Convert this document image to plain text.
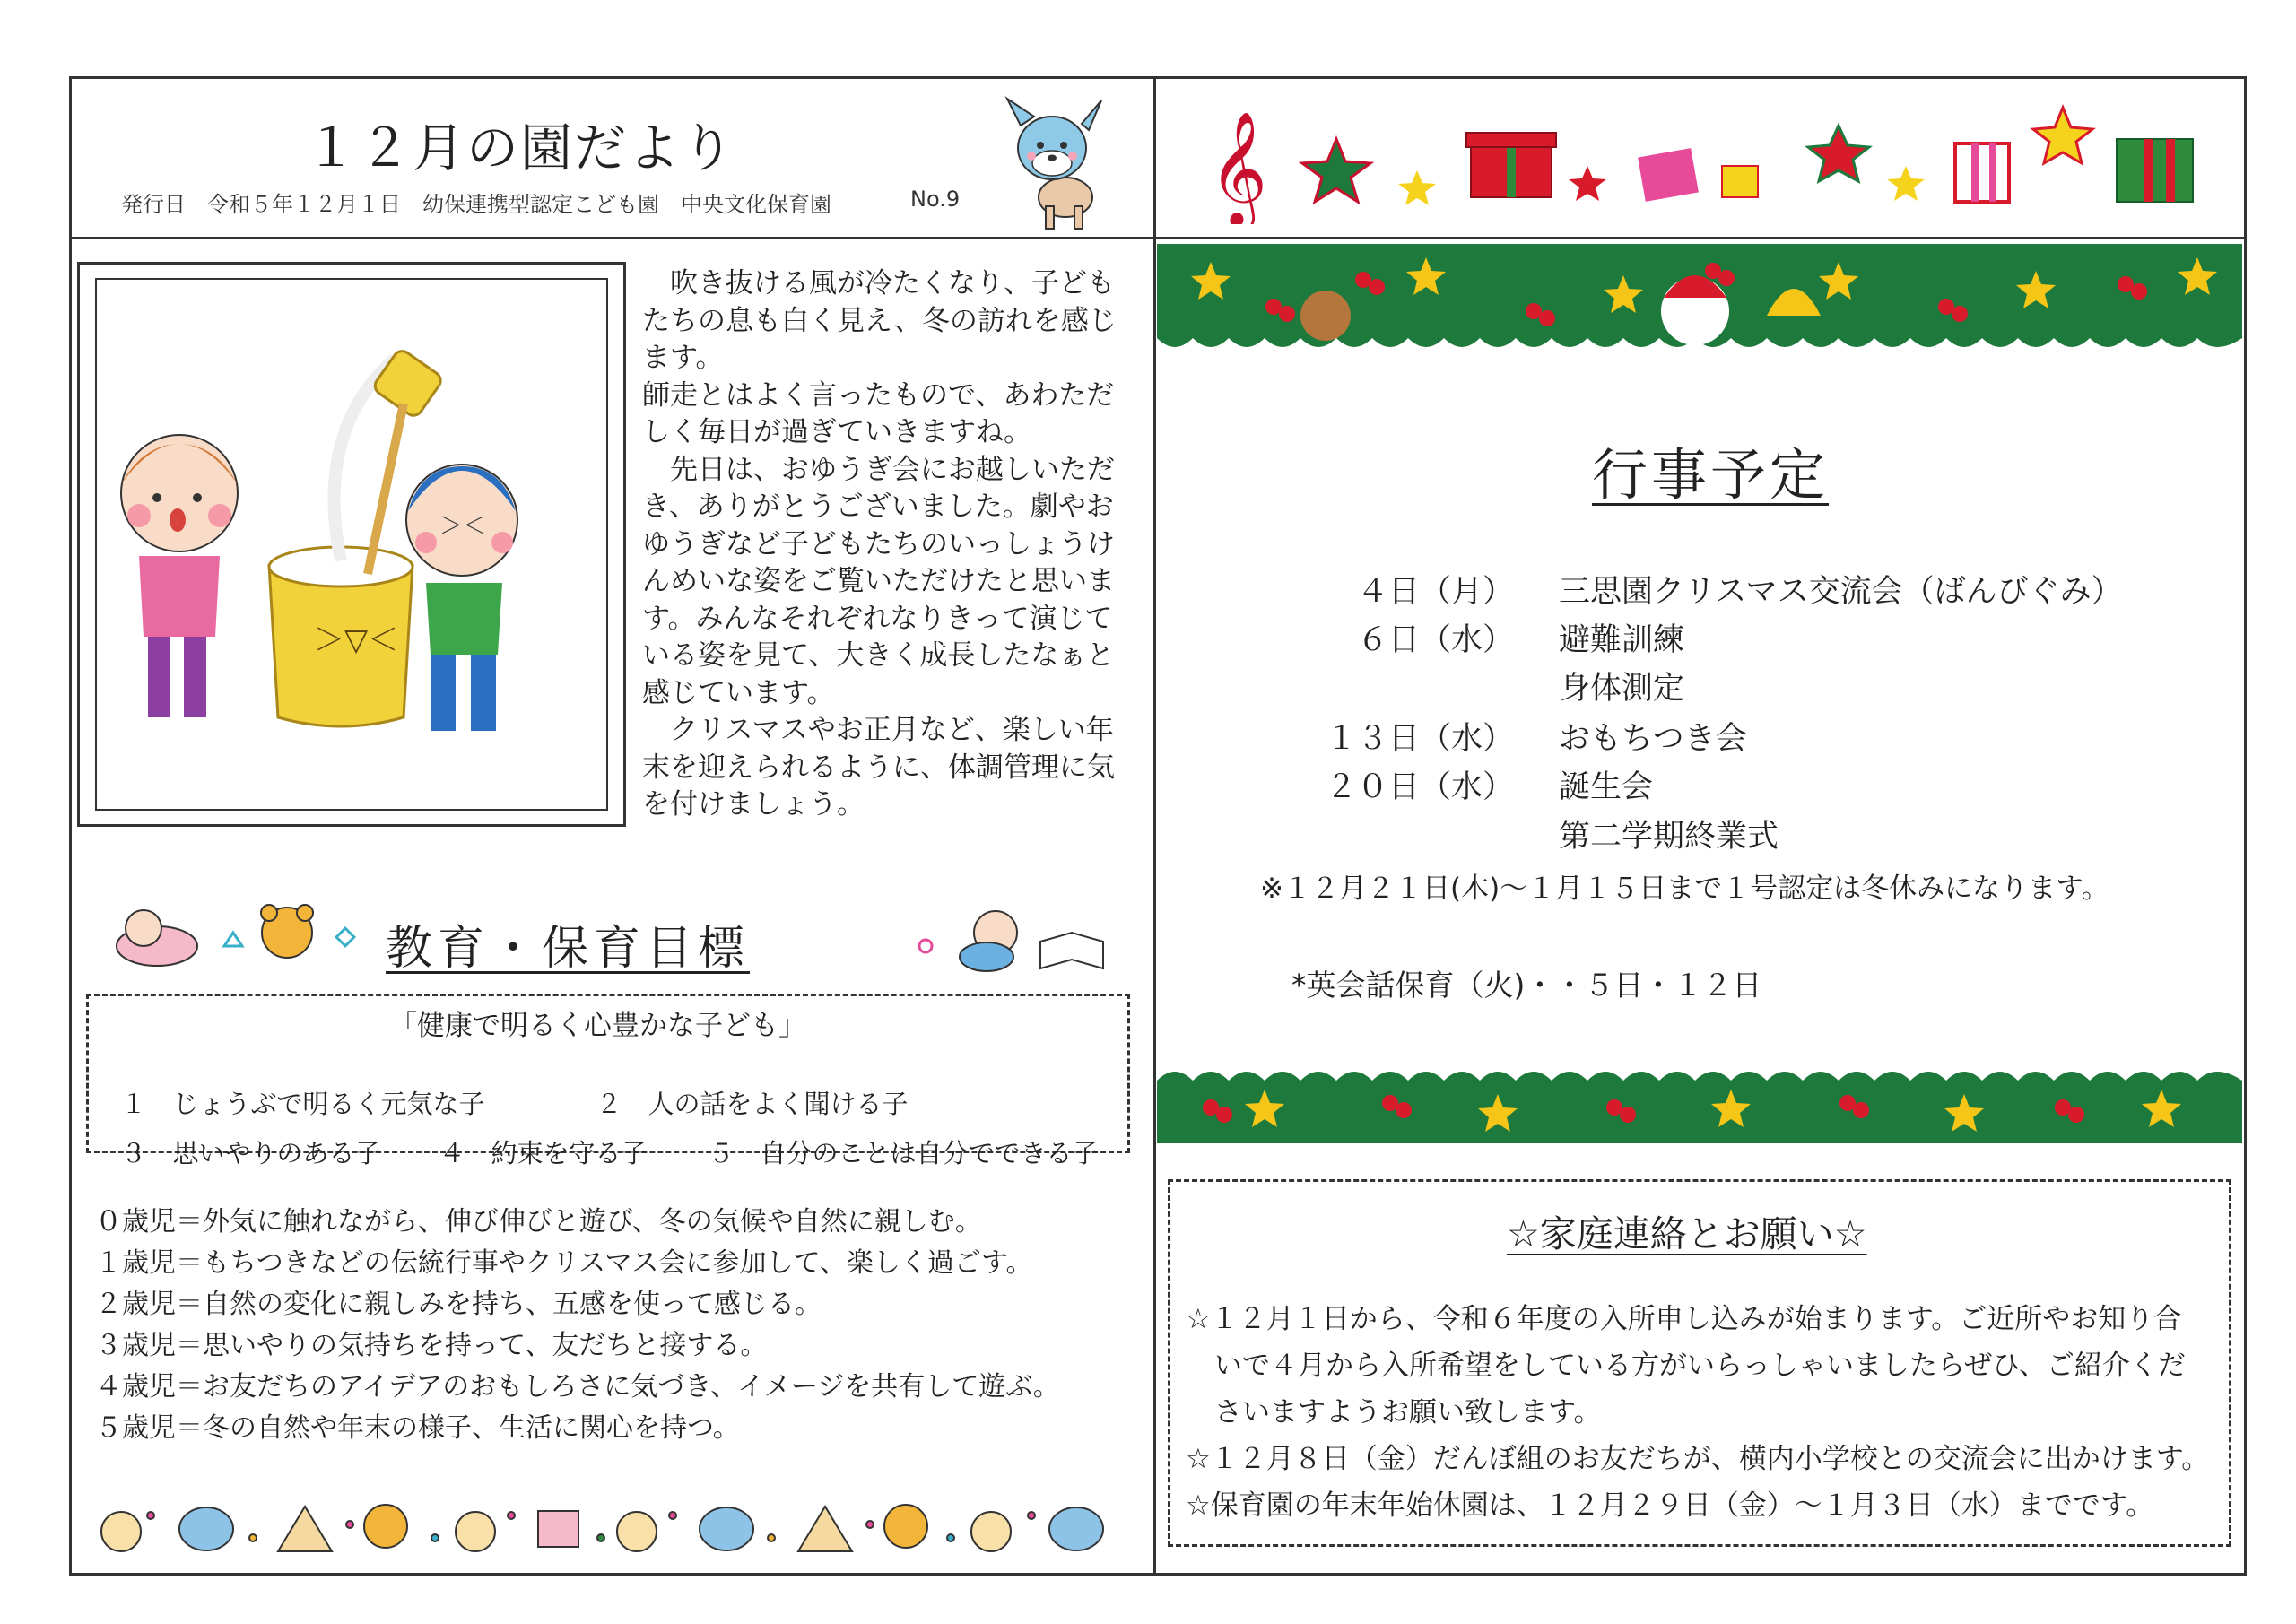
１２月の園だより
発行日　令和５年１２月１日　幼保連携型認定こども園　中央文化保育園	No.9	𝄞
＞▽＜
＞＜

吹き抜ける風が冷たくなり、子どもたちの息も白く見え、冬の訪れを感じます。

師走とはよく言ったもので、あわただしく毎日が過ぎていきますね。

先日は、おゆうぎ会にお越しいただき、ありがとうございました。劇やおゆうぎなど子どもたちのいっしょうけんめいな姿をご覧いただけたと思います。みんなそれぞれなりきって演じている姿を見て、大きく成長したなぁと感じています。

クリスマスやお正月など、楽しい年末を迎えられるように、体調管理に気を付けましょう。

教育・保育目標
「健康で明るく心豊かな子ども」

１　じょうぶで明るく元気な子	２　人の話をよく聞ける子

３　思いやりのある子 ４　約束を守る子 ５　自分のことは自分でできる子

０歳児＝外気に触れながら、伸び伸びと遊び、冬の気候や自然に親しむ。
１歳児＝もちつきなどの伝統行事やクリスマス会に参加して、楽しく過ごす。
２歳児＝自然の変化に親しみを持ち、五感を使って感じる。
３歳児＝思いやりの気持ちを持って、友だちと接する。
４歳児＝お友だちのアイデアのおもしろさに気づき、イメージを共有して遊ぶ。
５歳児＝冬の自然や年末の様子、生活に関心を持つ。
行事予定
４日（月） 三思園クリスマス交流会（ばんびぐみ）
６日（水） 避難訓練
身体測定
１３日（水） おもちつき会
２０日（水） 誕生会
第二学期終業式
※１２月２１日(木)～１月１５日まで１号認定は冬休みになります。
*英会話保育（火)・・５日・１２日
☆家庭連絡とお願い☆
☆１２月１日から、令和６年度の入所申し込みが始まります。ご近所やお知り合
いで４月から入所希望をしている方がいらっしゃいましたらぜひ、ご紹介くだ
さいますようお願い致します。
☆１２月８日（金）だんぼ組のお友だちが、横内小学校との交流会に出かけます。
☆保育園の年末年始休園は、１２月２９日（金）～１月３日（水）までです。
